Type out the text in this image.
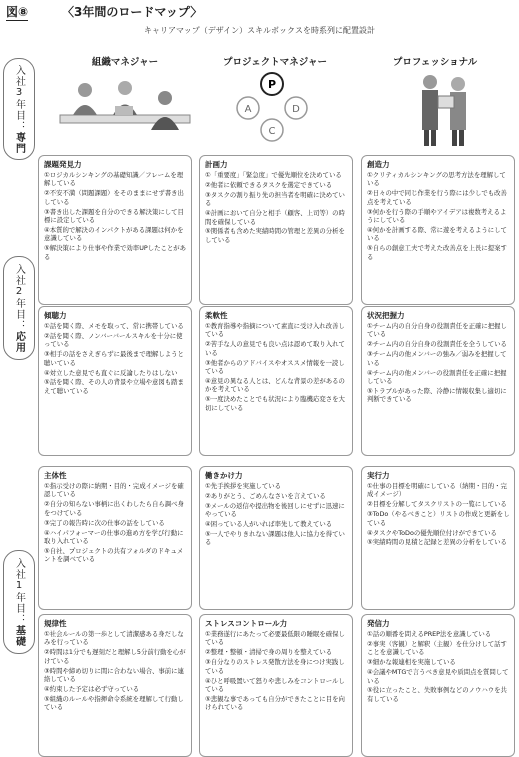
図⑧	〈3年間のロードマップ〉
キャリアマップ（デザイン）スキルボックスを時系列に配置設計
組織マネジャー	プロジェクトマネジャー	プロフェッショナル
P
A	D
C
入社3年目：
専門
入社2年目：
応用
入社1年目：
基礎
課題発見力
①ロジカルシンキングの基礎知識／フレームを理解している
②不安不満（問題課題）をそのままにせず書き出している
③書き出した課題を自分のできる解決策にして目標に設定している
④本質的で解決のインパクトがある課題は何かを意識している
⑤解決策により仕事や作業で効率UPしたことがある
計画力
①「重要度」「緊急度」で優先順位を決めている
②他者に依頼できるタスクを選定できている
③タスクの割り振り先の担当者を明確に決めている
④計画において自分と相手（顧客、上司等）の時間を確保している
⑤関係者も含めた実績時間の管理と差異の分析をしている
創造力
①クリティカルシンキングの思考方法を理解している
②日々の中で同じ作業を行う際には少しでも改善点を考えている
③何かを行う際の手順やアイデアは複数考えるようにしている
④何かを計画する際、常に遊を考えるようにしている
⑤自らの創意工夫で考えた改善点を上長に提案する
傾聴力
①話を聞く際、メモを取って、常に携帯している
②話を聞く際、ノンバーバールスキルを十分に使っている
③相手の話をさえぎらずに最後まで理解しようと聴いている
④対立した意見でも直ぐに反論したりはしない
⑤話を聞く際、その人の背景や立場や意図も踏まえて聴いている
柔軟性
①教育指導や指摘について素直に受け入れ改善している
②苦手な人の意見でも良い点は認めて取り入れている
③他者からのアドバイスやオススメ情報を一読している
④意見の異なる人とは、どんな背景の差があるのかを考えている
⑤一度決めたことでも状況により臨機応変さを大切にしている
状況把握力
①チーム内の自分自身の役割責任を正確に把握している
②チーム内の自分自身の役割責任を全うしている
③チーム内の他メンバーの強み／弱みを把握している
④チーム内の他メンバーの役割責任を正確に把握している
⑤トラブルがあった際、冷静に情報収集し適切に判断できている
主体性
①指示受けの際に納期・目的・完成イメージを確認している
②自分の知らない事柄に出くわしたら自ら調べ身をつけている
③完了の報告時に次の仕事の話をしている
④ハイパフォーマーの仕事の進め方を学び行動に取り入れている
⑤自社、プロジェクトの共有フォルダのドキュメントを調べている
働きかけ力
①先手挨拶を実施している
②ありがとう、ごめんなさいを言えている
③メールの返信や提出物を後回しにせずに迅速にやっている
④困っている人がいれば率先して教えている
⑤一人でやりきれない課題は他人に協力を得ている
実行力
①仕事の目標を明確にしている（納期・目的・完成イメージ）
②目標を分解してタスクリストの一覧にしている
③ToDo（やるべきこと）リストの作成と更新をしている
④タスクやToDoの優先順位付けができている
⑤実績時間の見積と記録と差異の分析をしている
規律性
①社会ルールの第一歩として清潔感ある身だしなみを行っている
②時間は1分でも遅刻だと理解し5分前行動を心がけている
③時間や締め切りに間に合わない場合、事前に連絡している
④約束した予定は必ず守っている
⑤組織のルールや指揮命令系統を理解して行動している
ストレスコントロール力
①業務遂行にあたって必要最低限の睡眠を確保している
②整理・整頓・清掃で身の周りを整えている
③自分なりのストレス発散方法を身につけ実践している
④ひと呼吸置いて怒りや悲しみをコントロールしている
⑤悲観な事であっても自分ができたことに目を向けられている
発信力
①話の順番を問えるPREP法を意識している
②事実（客観）と解釈（主観）を仕分けして話すことを意識している
③細かな報連相を実施している
④会議やMTGで言うべき意見や质問点を質問している
⑤役に立ったこと、失敗事例などのノウハウを共有している
